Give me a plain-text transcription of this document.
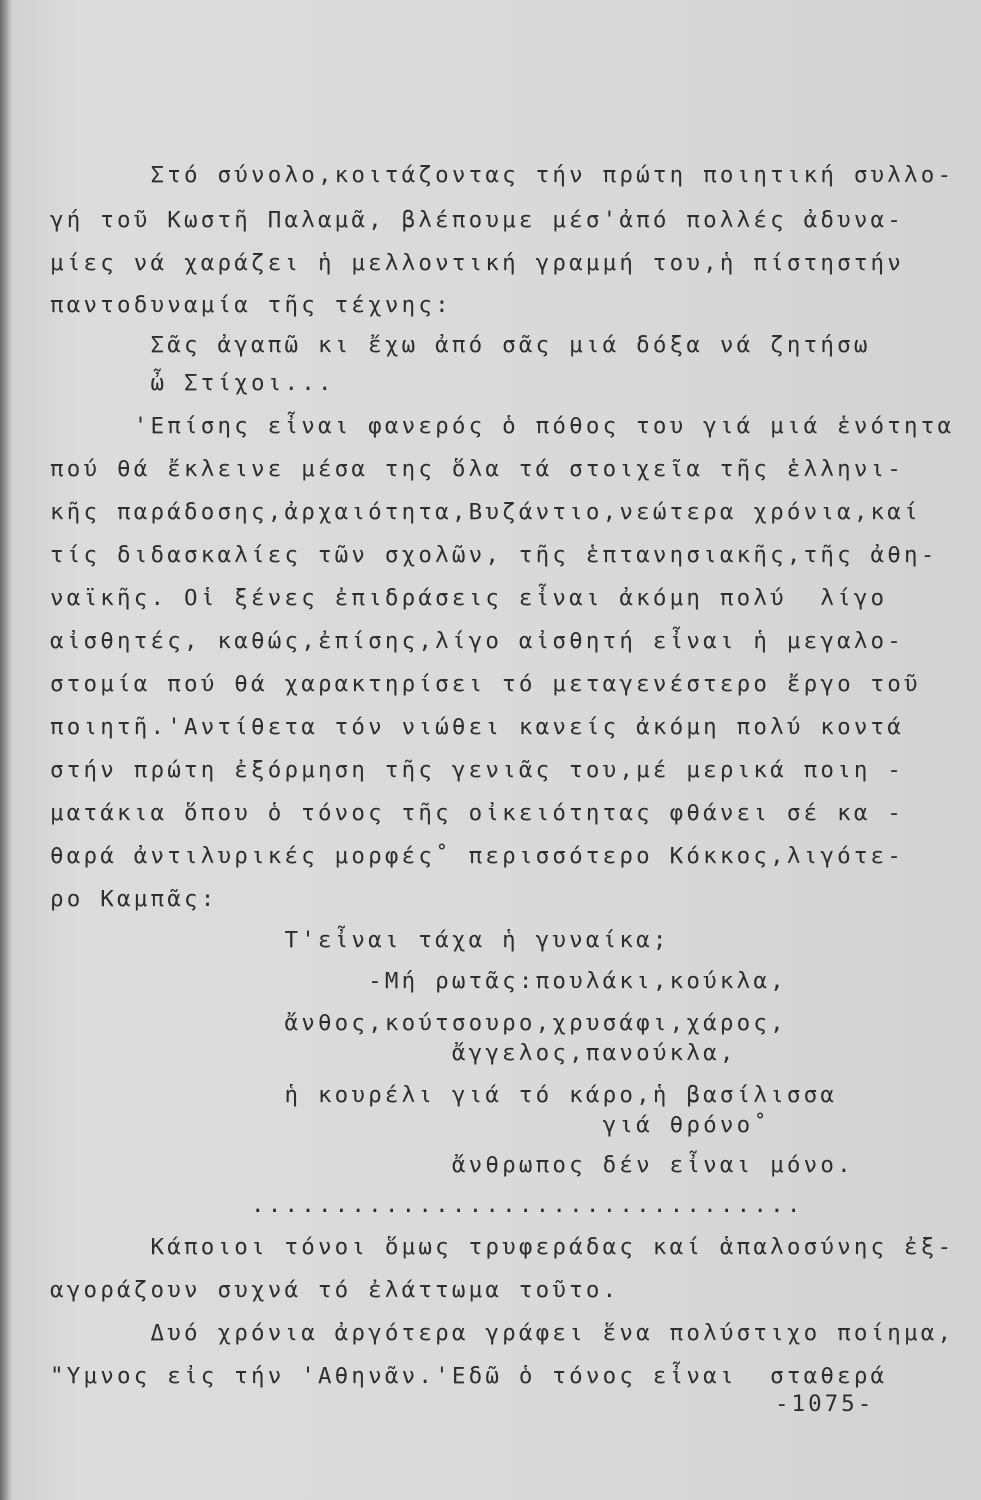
Στό σύνολο,κοιτάζοντας τήν πρώτη ποιητική συλλο-
γή τοῦ Κωστῆ Παλαμᾶ, βλέπουμε μέσ'ἀπό πολλές ἀδυνα-
μίες νά χαράζει ἡ μελλοντική γραμμή του,ἡ πίστηστήν
παντοδυναμία τῆς τέχνης:
Σᾶς ἀγαπῶ κι ἔχω ἀπό σᾶς μιά δόξα νά ζητήσω
ὦ Στίχοι...
'Επίσης εἶναι φανερός ὁ πόθος του γιά μιά ἑνότητα
πού θά ἔκλεινε μέσα της ὅλα τά στοιχεῖα τῆς ἑλληνι-
κῆς παράδοσης,ἀρχαιότητα,Βυζάντιο,νεώτερα χρόνια,καί
τίς διδασκαλίες τῶν σχολῶν, τῆς ἑπτανησιακῆς,τῆς ἀθη-
ναϊκῆς. Οἱ ξένες ἐπιδράσεις εἶναι ἀκόμη πολύ  λίγο
αἰσθητές, καθώς,ἐπίσης,λίγο αἰσθητή εἶναι ἡ μεγαλο-
στομία πού θά χαρακτηρίσει τό μεταγενέστερο ἔργο τοῦ
ποιητῆ.'Αντίθετα τόν νιώθει κανείς ἀκόμη πολύ κοντά
στήν πρώτη ἐξόρμηση τῆς γενιᾶς του,μέ μερικά ποιη -
ματάκια ὅπου ὁ τόνος τῆς οἰκειότητας φθάνει σέ κα -
θαρά ἀντιλυρικές μορφές˚ περισσότερο Κόκκος,λιγότε-
ρο Καμπᾶς:
Τ'εἶναι τάχα ἡ γυναίκα;
-Μή ρωτᾶς:πουλάκι,κούκλα,
ἄνθος,κούτσουρο,χρυσάφι,χάρος,
ἄγγελος,πανούκλα,
ἡ κουρέλι γιά τό κάρο,ἡ βασίλισσα
γιά θρόνο˚
ἄνθρωπος δέν εἶναι μόνο.
.................................
Κάποιοι τόνοι ὅμως τρυφεράδας καί ἁπαλοσύνης ἐξ-
αγοράζουν συχνά τό ἐλάττωμα τοῦτο.
Δυό χρόνια ἀργότερα γράφει ἕνα πολύστιχο ποίημα,
"Υμνος εἰς τήν 'Αθηνᾶν.'Εδῶ ὁ τόνος εἶναι  σταθερά
-1075-
